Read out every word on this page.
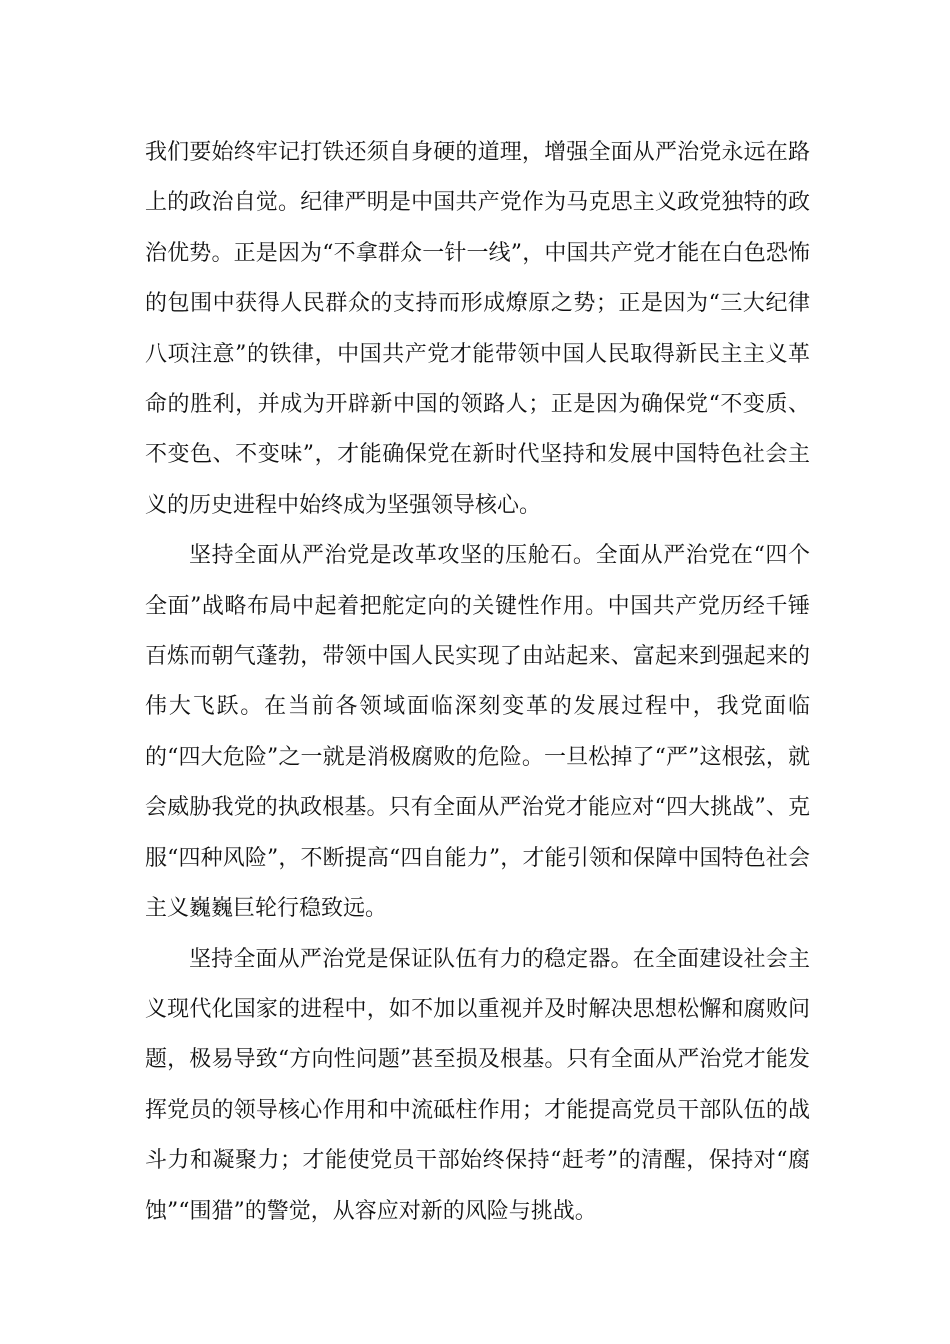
我们要始终牢记打铁还须自身硬的道理，增强全面从严治党永远在路上的政治自觉。纪律严明是中国共产党作为马克思主义政党独特的政治优势。正是因为“不拿群众一针一线”，中国共产党才能在白色恐怖的包围中获得人民群众的支持而形成燎原之势；正是因为“三大纪律八项注意”的铁律，中国共产党才能带领中国人民取得新民主主义革命的胜利，并成为开辟新中国的领路人；正是因为确保党“不变质、不变色、不变味”，才能确保党在新时代坚持和发展中国特色社会主义的历史进程中始终成为坚强领导核心。

坚持全面从严治党是改革攻坚的压舱石。全面从严治党在“四个全面”战略布局中起着把舵定向的关键性作用。中国共产党历经千锤百炼而朝气蓬勃，带领中国人民实现了由站起来、富起来到强起来的伟大飞跃。在当前各领域面临深刻变革的发展过程中，我党面临的“四大危险”之一就是消极腐败的危险。一旦松掉了“严”这根弦，就会威胁我党的执政根基。只有全面从严治党才能应对“四大挑战”、克服“四种风险”，不断提高“四自能力”，才能引领和保障中国特色社会主义巍巍巨轮行稳致远。

坚持全面从严治党是保证队伍有力的稳定器。在全面建设社会主义现代化国家的进程中，如不加以重视并及时解决思想松懈和腐败问题，极易导致“方向性问题”甚至损及根基。只有全面从严治党才能发挥党员的领导核心作用和中流砥柱作用；才能提高党员干部队伍的战斗力和凝聚力；才能使党员干部始终保持“赶考”的清醒，保持对“腐蚀”“围猎”的警觉，从容应对新的风险与挑战。
